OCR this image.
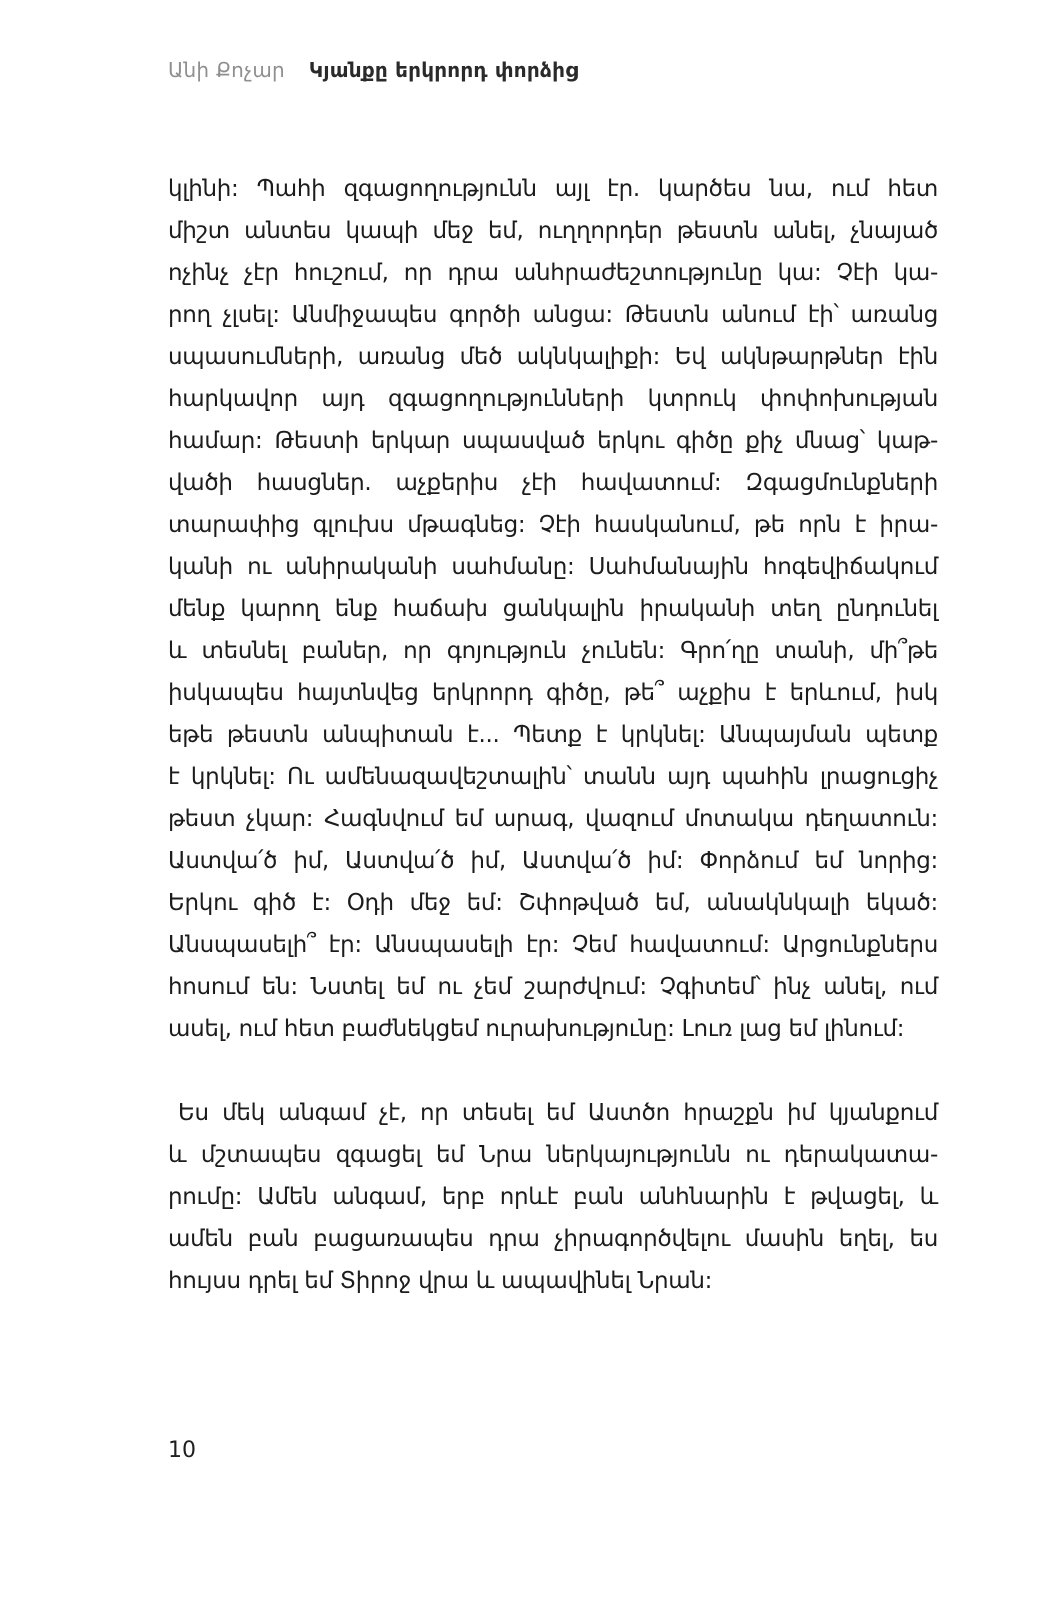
Անի Քոչար Կյանքը երկրորդ փորձից
կլինի: Պահի զգացողությունն այլ էր. կարծես նա, ում հետ
միշտ անտես կապի մեջ եմ, ուղղորդեր թեստն անել, չնայած
ոչինչ չէր հուշում, որ դրա անհրաժեշտությունը կա: Չէի կա-
րող չլսել: Անմիջապես գործի անցա: Թեստն անում էի՝ առանց
սպասումների, առանց մեծ ակնկալիքի: Եվ ակնթարթներ էին
հարկավոր այդ զգացողությունների կտրուկ փոփոխության
համար: Թեստի երկար սպասված երկու գիծը քիչ մնաց՝ կաթ-
վածի հասցներ. աչքերիս չէի հավատում: Զգացմունքների
տարափից գլուխս մթագնեց: Չէի հասկանում, թե որն է իրա-
կանի ու անիրականի սահմանը: Սահմանային հոգեվիճակում
մենք կարող ենք հաճախ ցանկալին իրականի տեղ ընդունել
և տեսնել բաներ, որ գոյություն չունեն: Գրո՛ղը տանի, մի՞թե
իսկապես հայտնվեց երկրորդ գիծը, թե՞ աչքիս է երևում, իսկ
եթե թեստն անպիտան է... Պետք է կրկնել: Անպայման պետք
է կրկնել: Ու ամենազավեշտալին՝ տանն այդ պահին լրացուցիչ
թեստ չկար: Հագնվում եմ արագ, վազում մոտակա դեղատուն:
Աստվա՛ծ իմ, Աստվա՛ծ իմ, Աստվա՛ծ իմ: Փորձում եմ նորից:
Երկու գիծ է: Օդի մեջ եմ: Շփոթված եմ, անակնկալի եկած:
Անսպասելի՞ էր: Անսպասելի էր: Չեմ հավատում: Արցունքներս
հոսում են: Նստել եմ ու չեմ շարժվում: Չգիտեմ՝ ինչ անել, ում
ասել, ում հետ բաժնեկցեմ ուրախությունը: Լուռ լաց եմ լինում:
Ես մեկ անգամ չէ, որ տեսել եմ Աստծո հրաշքն իմ կյանքում
և մշտապես զգացել եմ Նրա ներկայությունն ու դերակատա-
րումը: Ամեն անգամ, երբ որևէ բան անհնարին է թվացել, և
ամեն բան բացառապես դրա չիրագործվելու մասին եղել, ես
հույսս դրել եմ Տիրոջ վրա և ապավինել Նրան:
10
